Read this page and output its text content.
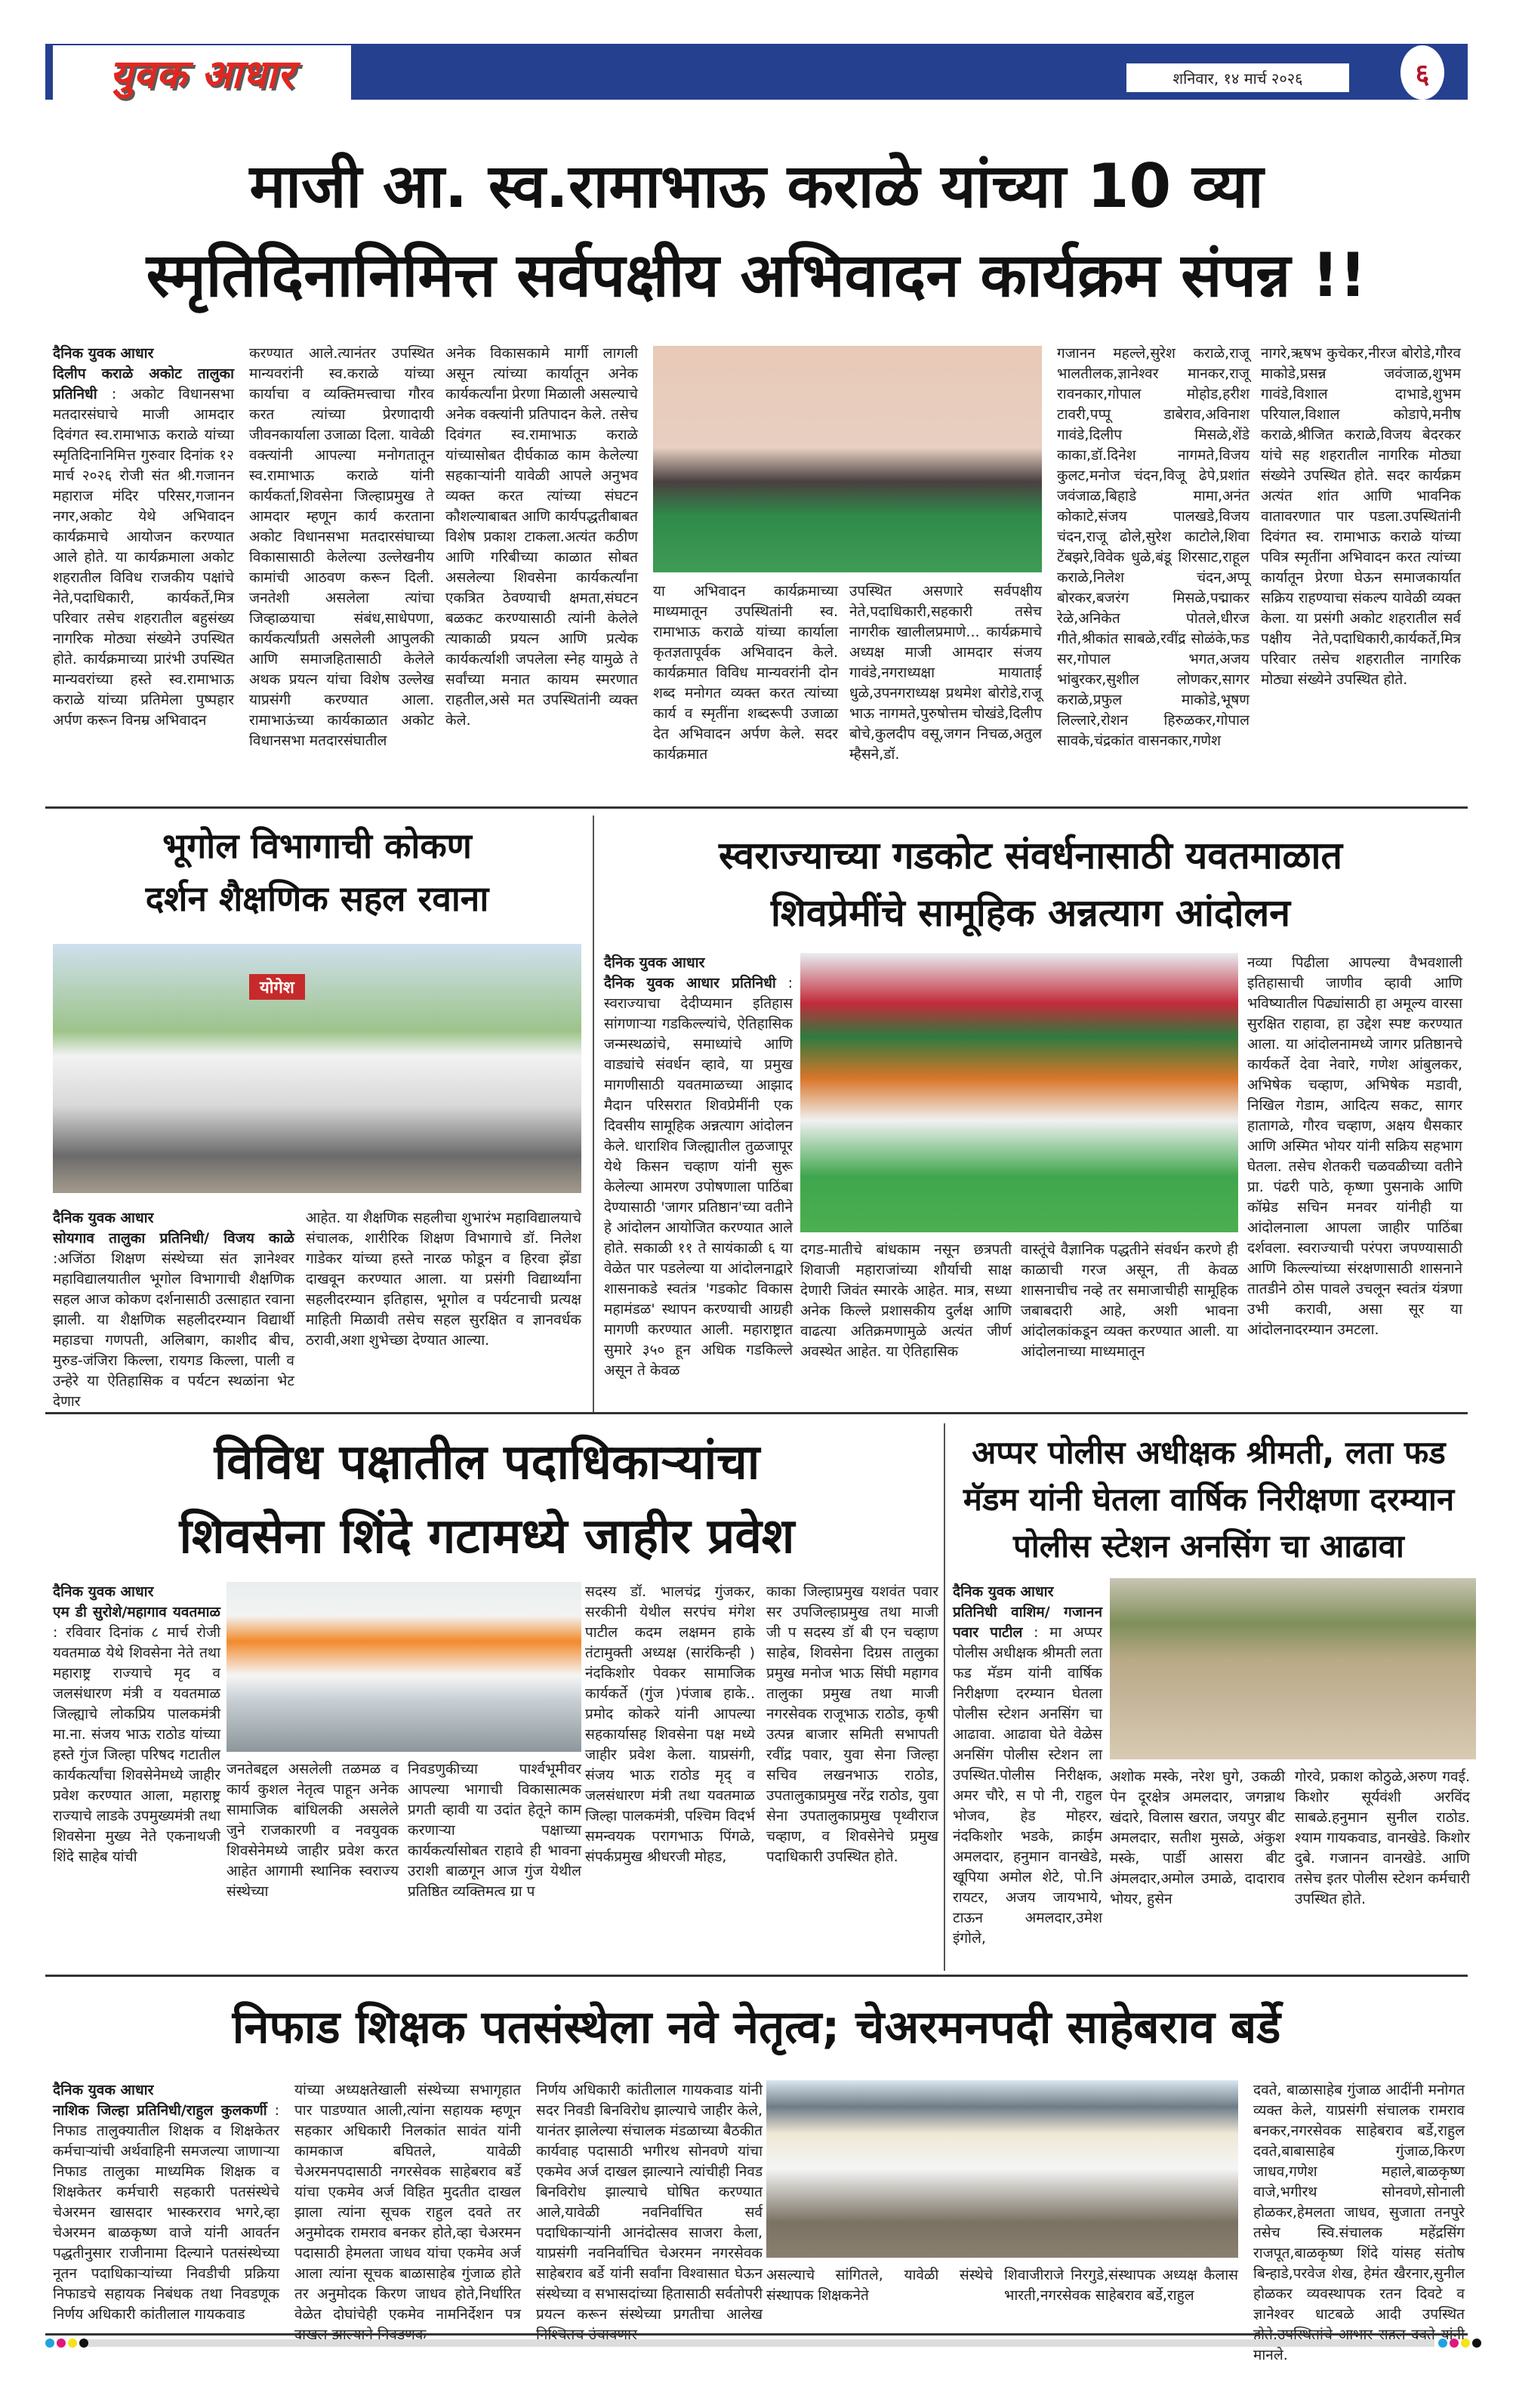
युवक आधार	शनिवार, १४ मार्च २०२६	६
माजी आ. स्व.रामाभाऊ कराळे यांच्या 10 व्या
स्मृतिदिनानिमित्त सर्वपक्षीय अभिवादन कार्यक्रम संपन्न !!
दैनिक युवक आधार
दिलीप कराळे अकोट तालुका प्रतिनिधी : अकोट विधानसभा मतदारसंघाचे माजी आमदार दिवंगत स्व.रामाभाऊ कराळे यांच्या स्मृतिदिनानिमित्त गुरुवार दिनांक १२ मार्च २०२६ रोजी संत श्री.गजानन महाराज मंदिर परिसर,गजानन नगर,अकोट येथे अभिवादन कार्यक्रमाचे आयोजन करण्यात आले होते. या कार्यक्रमाला अकोट शहरातील विविध राजकीय पक्षांचे नेते,पदाधिकारी, कार्यकर्ते,मित्र परिवार तसेच शहरातील बहुसंख्य नागरिक मोठ्या संख्येने उपस्थित होते. कार्यक्रमाच्या प्रारंभी उपस्थित मान्यवरांच्या हस्ते स्व.रामाभाऊ कराळे यांच्या प्रतिमेला पुष्पहार अर्पण करून विनम्र अभिवादन
करण्यात आले.त्यानंतर उपस्थित मान्यवरांनी स्व.कराळे यांच्या कार्याचा व व्यक्तिमत्त्वाचा गौरव करत त्यांच्या प्रेरणादायी जीवनकार्याला उजाळा दिला. यावेळी वक्त्यांनी आपल्या मनोगतातून स्व.रामाभाऊ कराळे यांनी कार्यकर्ता,शिवसेना जिल्हाप्रमुख ते आमदार म्हणून कार्य करताना अकोट विधानसभा मतदारसंघाच्या विकासासाठी केलेल्या उल्लेखनीय कामांची आठवण करून दिली. जनतेशी असलेला त्यांचा जिव्हाळयाचा संबंध,साधेपणा, कार्यकर्त्यांप्रती असलेली आपुलकी आणि समाजहितासाठी केलेले अथक प्रयत्न यांचा विशेष उल्लेख याप्रसंगी करण्यात आला. रामाभाऊंच्या कार्यकाळात अकोट विधानसभा मतदारसंघातील
अनेक विकासकामे मार्गी लागली असून त्यांच्या कार्यातून अनेक कार्यकर्त्यांना प्रेरणा मिळाली असल्याचे अनेक वक्त्यांनी प्रतिपादन केले. तसेच दिवंगत स्व.रामाभाऊ कराळे यांच्यासोबत दीर्घकाळ काम केलेल्या सहकाऱ्यांनी यावेळी आपले अनुभव व्यक्त करत त्यांच्या संघटन कौशल्याबाबत आणि कार्यपद्धतीबाबत विशेष प्रकाश टाकला.अत्यंत कठीण आणि गरिबीच्या काळात सोबत असलेल्या शिवसेना कार्यकर्त्यांना एकत्रित ठेवण्याची क्षमता,संघटन बळकट करण्यासाठी त्यांनी केलेले त्याकाळी प्रयत्न आणि प्रत्येक कार्यकर्त्याशी जपलेला स्नेह यामुळे ते सर्वांच्या मनात कायम स्मरणात राहतील,असे मत उपस्थितांनी व्यक्त केले.
या अभिवादन कार्यक्रमाच्या माध्यमातून उपस्थितांनी स्व. रामाभाऊ कराळे यांच्या कार्याला कृतज्ञतापूर्वक अभिवादन केले. कार्यक्रमात विविध मान्यवरांनी दोन शब्द मनोगत व्यक्त करत त्यांच्या कार्य व स्मृतींना शब्दरूपी उजाळा देत अभिवादन अर्पण केले. सदर कार्यक्रमात
उपस्थित असणारे सर्वपक्षीय नेते,पदाधिकारी,सहकारी तसेच नागरीक खालीलप्रमाणे... कार्यक्रमाचे अध्यक्ष माजी आमदार संजय गावंडे,नगराध्यक्षा मायाताई धुळे,उपनगराध्यक्ष प्रथमेश बोरोडे,राजू भाऊ नागमते,पुरुषोत्तम चोखंडे,दिलीप बोचे,कुलदीप वसू,जगन निचळ,अतुल म्हैसने,डॉ.
गजानन महल्ले,सुरेश कराळे,राजू भालतीलक,ज्ञानेश्वर मानकर,राजू रावनकार,गोपाल मोहोड,हरीश टावरी,पप्पू डाबेराव,अविनाश गावंडे,दिलीप मिसळे,शेंडे काका,डॉ.दिनेश नागमते,विजय कुलट,मनोज चंदन,विजू ढेपे,प्रशांत जवंजाळ,बिहाडे मामा,अनंत कोकाटे,संजय पालखडे,विजय चंदन,राजू ढोले,सुरेश काटोले,शिवा टेंबझरे,विवेक धुळे,बंडू शिरसाट,राहूल कराळे,निलेश चंदन,अप्पू बोरकर,बजरंग मिसळे,पद्माकर रेळे,अनिकेत पोतले,धीरज गीते,श्रीकांत साबळे,रवींद्र सोळंके,फड सर,गोपाल भगत,अजय भांबुरकर,सुशील लोणकर,सागर कराळे,प्रफुल माकोडे,भूषण लिल्लारे,रोशन हिरुळकर,गोपाल सावके,चंद्रकांत वासनकार,गणेश
नागरे,ऋषभ कुचेकर,नीरज बोरोडे,गौरव माकोडे,प्रसन्न जवंजाळ,शुभम गावंडे,विशाल दाभाडे,शुभम परियाल,विशाल कोडापे,मनीष कराळे,श्रीजित कराळे,विजय बेदरकर यांचे सह शहरातील नागरिक मोठ्या संख्येने उपस्थित होते. सदर कार्यक्रम अत्यंत शांत आणि भावनिक वातावरणात पार पडला.उपस्थितांनी दिवंगत स्व. रामाभाऊ कराळे यांच्या पवित्र स्मृतींना अभिवादन करत त्यांच्या कार्यातून प्रेरणा घेऊन समाजकार्यात सक्रिय राहण्याचा संकल्प यावेळी व्यक्त केला. या प्रसंगी अकोट शहरातील सर्व पक्षीय नेते,पदाधिकारी,कार्यकर्ते,मित्र परिवार तसेच शहरातील नागरिक मोठ्या संख्येने उपस्थित होते.
भूगोल विभागाची कोकण
दर्शन शैक्षणिक सहल रवाना
योगेश
दैनिक युवक आधार
सोयगाव तालुका प्रतिनिधी/ विजय काळे :अजिंठा शिक्षण संस्थेच्या संत ज्ञानेश्वर महाविद्यालयातील भूगोल विभागाची शैक्षणिक सहल आज कोकण दर्शनासाठी उत्साहात रवाना झाली. या शैक्षणिक सहलीदरम्यान विद्यार्थी महाडचा गणपती, अलिबाग, काशीद बीच, मुरुड-जंजिरा किल्ला, रायगड किल्ला, पाली व उन्हेरे या ऐतिहासिक व पर्यटन स्थळांना भेट देणार
आहेत. या शैक्षणिक सहलीचा शुभारंभ महाविद्यालयाचे संचालक, शारीरिक शिक्षण विभागाचे डॉ. निलेश गाडेकर यांच्या हस्ते नारळ फोडून व हिरवा झेंडा दाखवून करण्यात आला. या प्रसंगी विद्यार्थ्यांना सहलीदरम्यान इतिहास, भूगोल व पर्यटनाची प्रत्यक्ष माहिती मिळावी तसेच सहल सुरक्षित व ज्ञानवर्धक ठरावी,अशा शुभेच्छा देण्यात आल्या.
स्वराज्याच्या गडकोट संवर्धनासाठी यवतमाळात
शिवप्रेमींचे सामूहिक अन्नत्याग आंदोलन
दैनिक युवक आधार
दैनिक युवक आधार प्रतिनिधी : स्वराज्याचा देदीप्यमान इतिहास सांगणाऱ्या गडकिल्ल्यांचे, ऐतिहासिक जन्मस्थळांचे, समाध्यांचे आणि वाड्यांचे संवर्धन व्हावे, या प्रमुख मागणीसाठी यवतमाळच्या आझाद मैदान परिसरात शिवप्रेमींनी एक दिवसीय सामूहिक अन्नत्याग आंदोलन केले. धाराशिव जिल्ह्यातील तुळजापूर येथे किसन चव्हाण यांनी सुरू केलेल्या आमरण उपोषणाला पाठिंबा देण्यासाठी 'जागर प्रतिष्ठान'च्या वतीने हे आंदोलन आयोजित करण्यात आले होते. सकाळी ११ ते सायंकाळी ६ या वेळेत पार पडलेल्या या आंदोलनाद्वारे शासनाकडे स्वतंत्र 'गडकोट विकास महामंडळ' स्थापन करण्याची आग्रही मागणी करण्यात आली. महाराष्ट्रात सुमारे ३५० हून अधिक गडकिल्ले असून ते केवळ
दगड-मातीचे बांधकाम नसून छत्रपती शिवाजी महाराजांच्या शौर्याची साक्ष देणारी जिवंत स्मारके आहेत. मात्र, सध्या अनेक किल्ले प्रशासकीय दुर्लक्ष आणि वाढत्या अतिक्रमणामुळे अत्यंत जीर्ण अवस्थेत आहेत. या ऐतिहासिक
वास्तूंचे वैज्ञानिक पद्धतीने संवर्धन करणे ही काळाची गरज असून, ती केवळ शासनाचीच नव्हे तर समाजाचीही सामूहिक जबाबदारी आहे, अशी भावना आंदोलकांकडून व्यक्त करण्यात आली. या आंदोलनाच्या माध्यमातून
नव्या पिढीला आपल्या वैभवशाली इतिहासाची जाणीव व्हावी आणि भविष्यातील पिढ्यांसाठी हा अमूल्य वारसा सुरक्षित राहावा, हा उद्देश स्पष्ट करण्यात आला. या आंदोलनामध्ये जागर प्रतिष्ठानचे कार्यकर्ते देवा नेवारे, गणेश आंबुलकर, अभिषेक चव्हाण, अभिषेक मडावी, निखिल गेडाम, आदित्य सकट, सागर हातागळे, गौरव चव्हाण, अक्षय धैसकार आणि अस्मित भोयर यांनी सक्रिय सहभाग घेतला. तसेच शेतकरी चळवळीच्या वतीने प्रा. पंढरी पाठे, कृष्णा पुसनाके आणि कॉम्रेड सचिन मनवर यांनीही या आंदोलनाला आपला जाहीर पाठिंबा दर्शवला. स्वराज्याची परंपरा जपण्यासाठी आणि किल्ल्यांच्या संरक्षणासाठी शासनाने तातडीने ठोस पावले उचलून स्वतंत्र यंत्रणा उभी करावी, असा सूर या आंदोलनादरम्यान उमटला.
विविध पक्षातील पदाधिकाऱ्यांचा
शिवसेना शिंदे गटामध्ये जाहीर प्रवेश
दैनिक युवक आधार
एम डी सुरोशे/महागाव यवतमाळ : रविवार दिनांक ८ मार्च रोजी यवतमाळ येथे शिवसेना नेते तथा महाराष्ट्र राज्याचे मृद व जलसंधारण मंत्री व यवतमाळ जिल्ह्याचे लोकप्रिय पालकमंत्री मा.ना. संजय भाऊ राठोड यांच्या हस्ते गुंज जिल्हा परिषद गटातील कार्यकर्त्यांचा शिवसेनेमध्ये जाहीर प्रवेश करण्यात आला, महाराष्ट्र राज्याचे लाडके उपमुख्यमंत्री तथा शिवसेना मुख्य नेते एकनाथजी शिंदे साहेब यांची
जनतेबद्दल असलेली तळमळ व कार्य कुशल नेतृत्व पाहून अनेक सामाजिक बांधिलकी असलेले जुने राजकारणी व नवयुवक शिवसेनेमध्ये जाहीर प्रवेश करत आहेत आगामी स्थानिक स्वराज्य संस्थेच्या
निवडणुकीच्या पार्श्वभूमीवर आपल्या भागाची विकासात्मक प्रगती व्हावी या उदांत हेतूने काम करणाऱ्या पक्षाच्या कार्यकर्त्यासोबत राहावे ही भावना उराशी बाळगून आज गुंज येथील प्रतिष्ठित व्यक्तिमत्व ग्रा प
सदस्य डॉ. भालचंद्र गुंजकर, सरकीनी येथील सरपंच मंगेश पाटील कदम लक्षमन हाके तंटामुक्ती अध्यक्ष (सारंकिन्ही ) नंदकिशोर पेवकर सामाजिक कार्यकर्ते (गुंज )पंजाब हाके.. प्रमोद कोकरे यांनी आपल्या सहकार्यासह शिवसेना पक्ष मध्ये जाहीर प्रवेश केला. याप्रसंगी, संजय भाऊ राठोड मृद् व जलसंधारण मंत्री तथा यवतमाळ जिल्हा पालकमंत्री, पश्चिम विदर्भ समन्वयक परागभाऊ पिंगळे, संपर्कप्रमुख श्रीधरजी मोहड,
काका जिल्हाप्रमुख यशवंत पवार सर उपजिल्हाप्रमुख तथा माजी जी प सदस्य डॉ बी एन चव्हाण साहेब, शिवसेना दिग्रस तालुका प्रमुख मनोज भाऊ सिंघी महागव तालुका प्रमुख तथा माजी नगरसेवक राजूभाऊ राठोड, कृषी उत्पन्न बाजार समिती सभापती रवींद्र पवार, युवा सेना जिल्हा सचिव लखनभाऊ राठोड, उपतालुकाप्रमुख नरेंद्र राठोड, युवा सेना उपतालुकाप्रमुख पृथ्वीराज चव्हाण, व शिवसेनेचे प्रमुख पदाधिकारी उपस्थित होते.
अप्पर पोलीस अधीक्षक श्रीमती, लता फड
मॅडम यांनी घेतला वार्षिक निरीक्षणा दरम्यान
पोलीस स्टेशन अनसिंग चा आढावा
दैनिक युवक आधार
प्रतिनिधी वाशिम/ गजानन पवार पाटील : मा अप्पर पोलीस अधीक्षक श्रीमती लता फड मॅडम यांनी वार्षिक निरीक्षणा दरम्यान घेतला पोलीस स्टेशन अनसिंग चा आढावा. आढावा घेते वेळेस अनसिंग पोलीस स्टेशन ला उपस्थित.पोलीस निरीक्षक, अमर चौरे, स पो नी, राहुल भोजव, हेड मोहरर, नंदकिशोर भडके, क्राईम अमलदार, हनुमान वानखेडे, खूपिया अमोल शेटे, पो.नि रायटर, अजय जायभाये, टाऊन अमलदार,उमेश इंगोले,
अशोक मस्के, नरेश घुगे, उकळी पेन दूरक्षेत्र अमलदार, जगन्नाथ खंदारे, विलास खरात, जयपुर बीट अमलदार, सतीश मुसळे, अंकुश मस्के, पार्डी आसरा बीट अंमलदार,अमोल उमाळे, दादाराव भोयर, हुसेन
गोरवे, प्रकाश कोठुळे,अरुण गवई. किशोर सूर्यवंशी अरविंद साबळे.हनुमान सुनील राठोड. श्याम गायकवाड, वानखेडे. किशोर दुबे. गजानन वानखेडे. आणि तसेच इतर पोलीस स्टेशन कर्मचारी उपस्थित होते.
निफाड शिक्षक पतसंस्थेला नवे नेतृत्व; चेअरमनपदी साहेबराव बर्डे
दैनिक युवक आधार
नाशिक जिल्हा प्रतिनिधी/राहुल कुलकर्णी : निफाड तालुक्यातील शिक्षक व शिक्षकेतर कर्मचाऱ्यांची अर्थवाहिनी समजल्या जाणाऱ्या निफाड तालुका माध्यमिक शिक्षक व शिक्षकेतर कर्मचारी सहकारी पतसंस्थेचे चेअरमन खासदार भास्करराव भगरे,व्हा चेअरमन बाळकृष्ण वाजे यांनी आवर्तन पद्धतीनुसार राजीनामा दिल्याने पतसंस्थेच्या नूतन पदाधिकाऱ्यांच्या निवडीची प्रक्रिया निफाडचे सहायक निबंधक तथा निवडणूक निर्णय अधिकारी कांतीलाल गायकवाड
यांच्या अध्यक्षतेखाली संस्थेच्या सभागृहात पार पाडण्यात आली,त्यांना सहायक म्हणून सहकार अधिकारी निलकांत सावंत यांनी कामकाज बघितले, यावेळी चेअरमनपदासाठी नगरसेवक साहेबराव बर्डे यांचा एकमेव अर्ज विहित मुदतीत दाखल झाला त्यांना सूचक राहुल दवते तर अनुमोदक रामराव बनकर होते,व्हा चेअरमन पदासाठी हेमलता जाधव यांचा एकमेव अर्ज आला त्यांना सूचक बाळासाहेब गुंजाळ होते तर अनुमोदक किरण जाधव होते,निर्धारित वेळेत दोघांचेही एकमेव नामनिर्देशन पत्र
निर्णय अधिकारी कांतीलाल गायकवाड यांनी सदर निवडी बिनविरोध झाल्याचे जाहीर केले, यानंतर झालेल्या संचालक मंडळाच्या बैठकीत कार्यवाह पदासाठी भगीरथ सोनवणे यांचा एकमेव अर्ज दाखल झाल्याने त्यांचीही निवड बिनविरोध झाल्याचे घोषित करण्यात आले,यावेळी नवनिर्वाचित सर्व पदाधिकाऱ्यांनी आनंदोत्सव साजरा केला, याप्रसंगी नवनिर्वाचित चेअरमन नगरसेवक साहेबराव बर्डे यांनी सर्वांना विश्वासात घेऊन संस्थेच्या व सभासदांच्या हितासाठी सर्वतोपरी प्रयत्न करून संस्थेच्या प्रगतीचा आलेख
असल्याचे सांगितले, यावेळी संस्थेचे संस्थापक शिक्षकनेते
शिवाजीराजे निरगुडे,संस्थापक अध्यक्ष कैलास भारती,नगरसेवक साहेबराव बर्डे,राहुल
दवते, बाळासाहेब गुंजाळ आदींनी मनोगत व्यक्त केले, याप्रसंगी संचालक रामराव बनकर,नगरसेवक साहेबराव बर्डे,राहुल दवते,बाबासाहेब गुंजाळ,किरण जाधव,गणेश महाले,बाळकृष्ण वाजे,भगीरथ सोनवणे,सोनाली होळकर,हेमलता जाधव, सुजाता तनपुरे तसेच स्वि.संचालक महेंद्रसिंग राजपूत,बाळकृष्ण शिंदे यांसह संतोष बिन्हाडे,परवेज शेख, हेमंत खैरनार,सुनील होळकर व्यवस्थापक रतन दिवटे व ज्ञानेश्वर धाटबळे आदी उपस्थित मानले.
